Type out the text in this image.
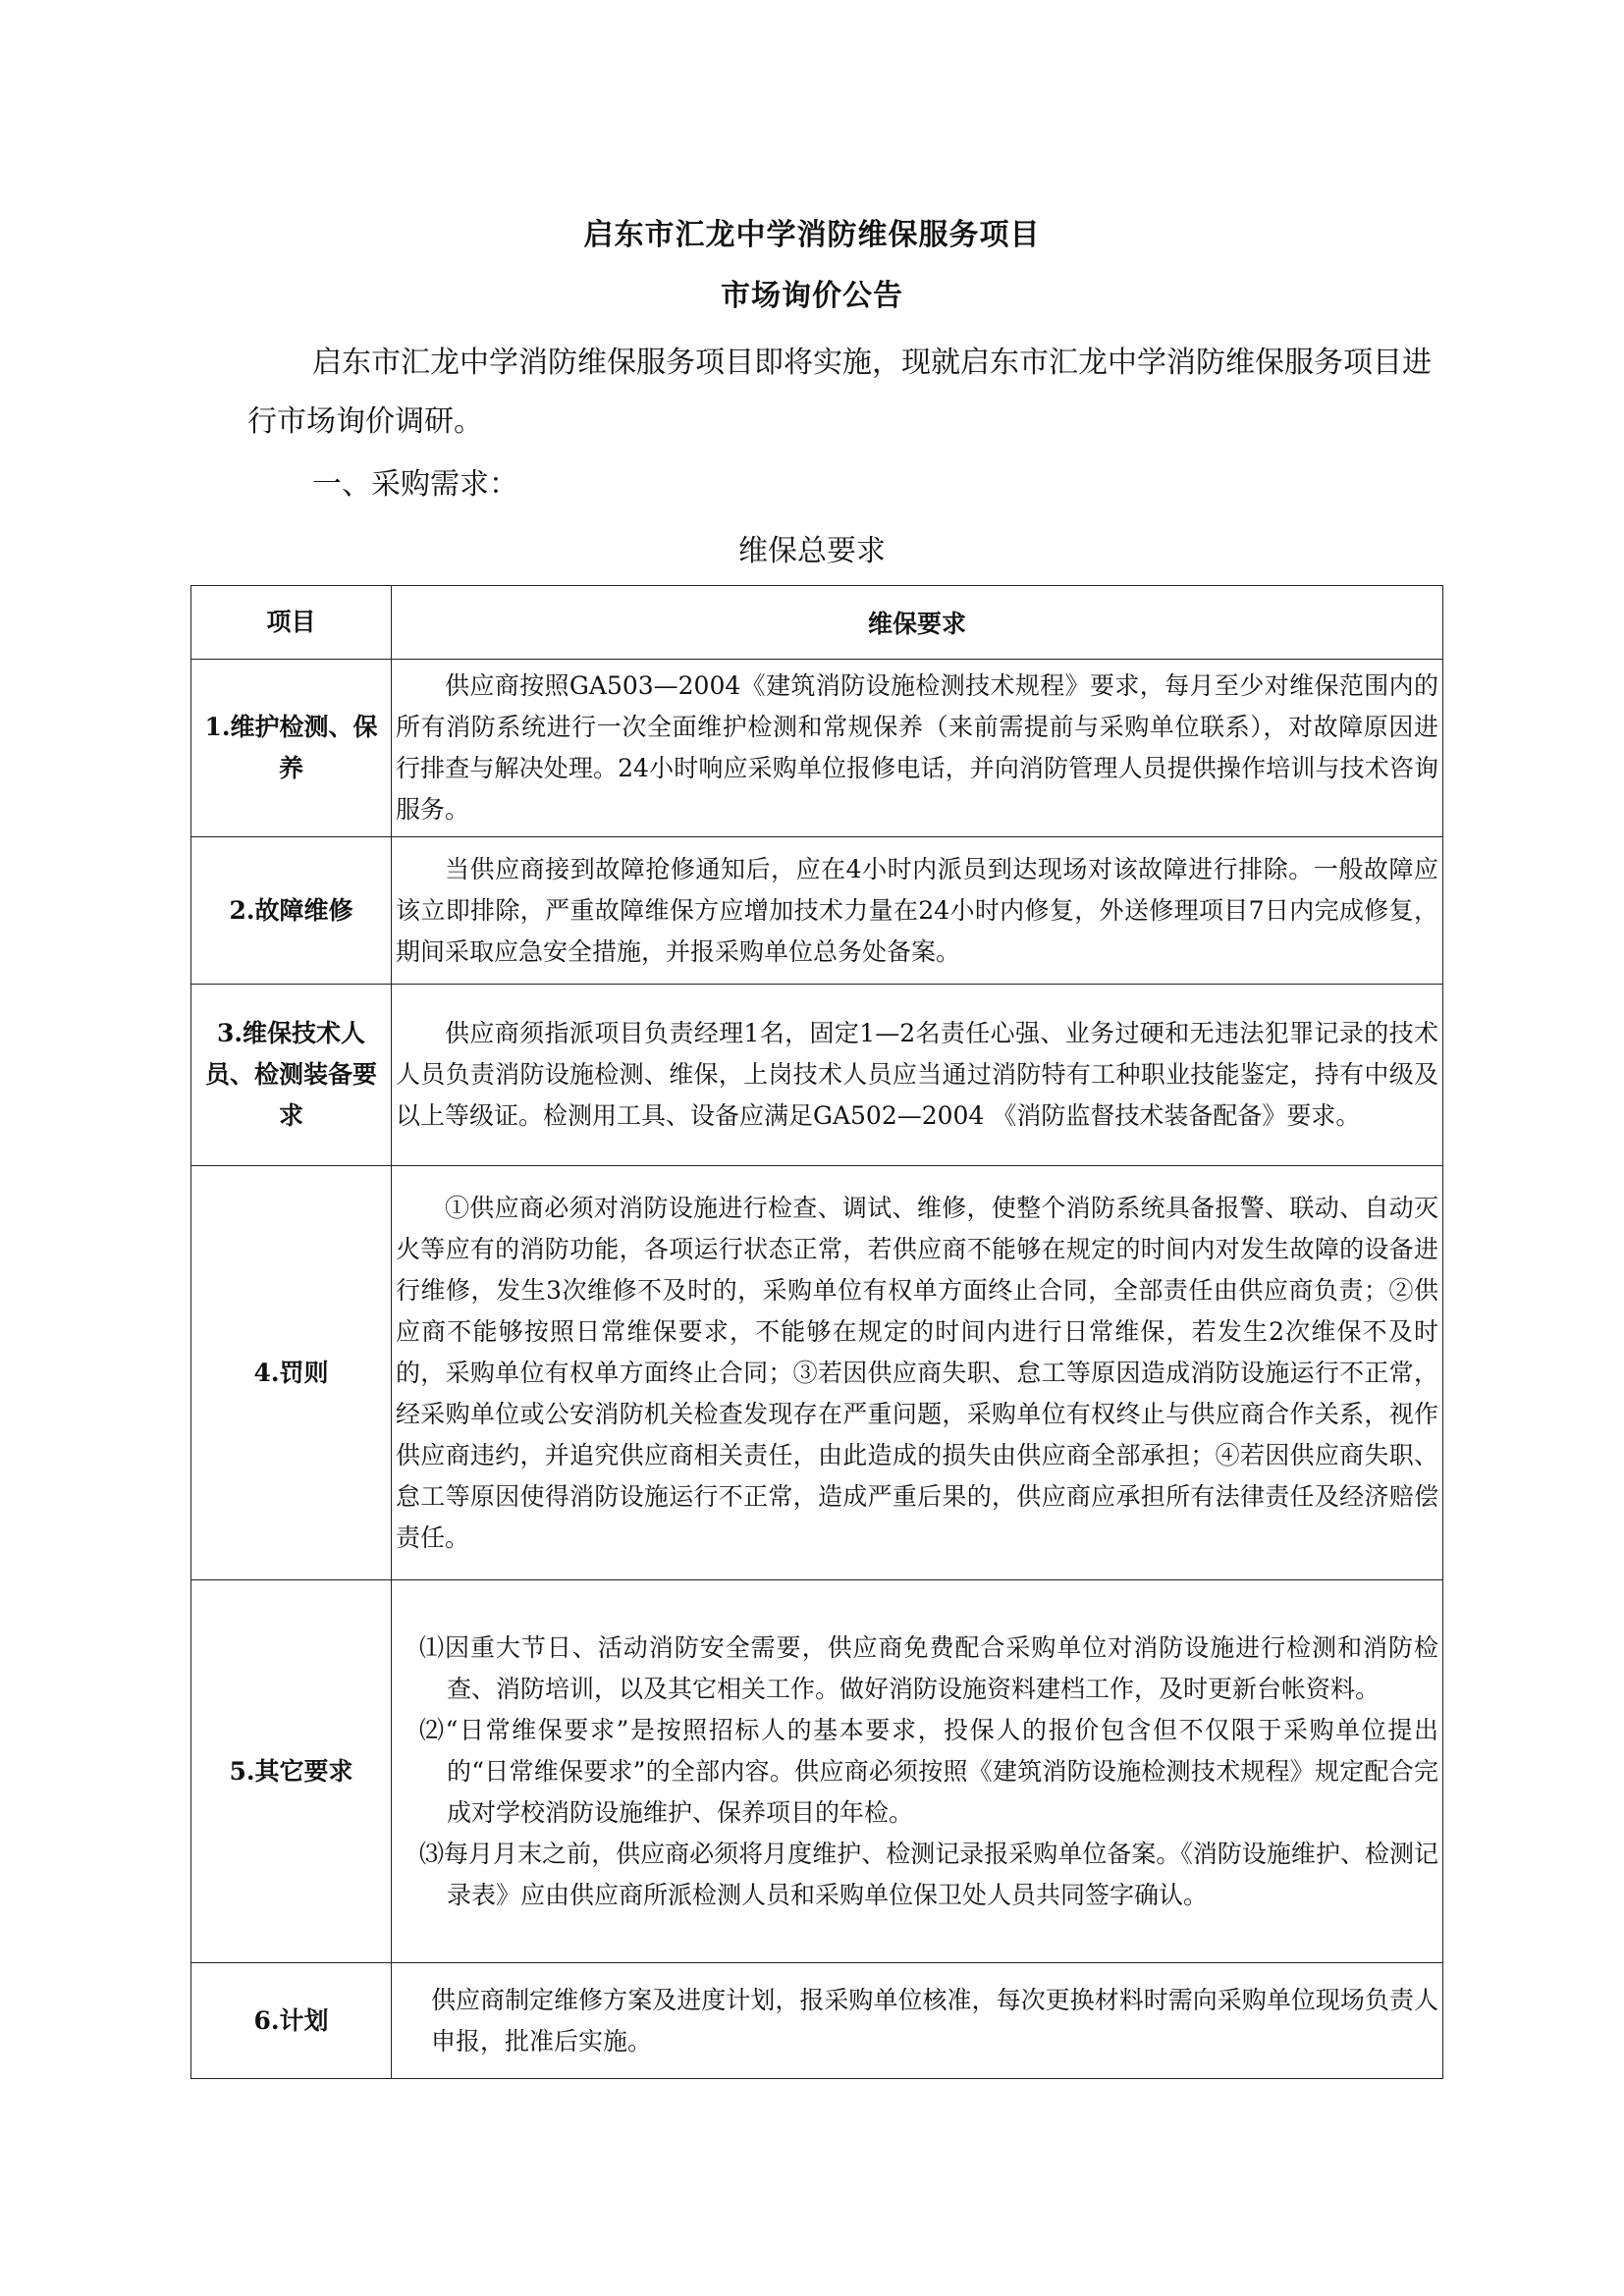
启东市汇龙中学消防维保服务项目
市场询价公告
启东市汇龙中学消防维保服务项目即将实施，现就启东市汇龙中学消防维保服务项目进行市场询价调研。
一、采购需求：
维保总要求
项目	维保要求
1.维护检测、保养	供应商按照GA503—2004《建筑消防设施检测技术规程》要求，每月至少对维保范围内的所有消防系统进行一次全面维护检测和常规保养（来前需提前与采购单位联系），对故障原因进行排查与解决处理。24小时响应采购单位报修电话，并向消防管理人员提供操作培训与技术咨询服务。

2.故障维修	当供应商接到故障抢修通知后，应在4小时内派员到达现场对该故障进行排除。一般故障应该立即排除，严重故障维保方应增加技术力量在24小时内修复，外送修理项目7日内完成修复，期间采取应急安全措施，并报采购单位总务处备案。

3.维保技术人员、检测装备要求	供应商须指派项目负责经理1名，固定1—2名责任心强、业务过硬和无违法犯罪记录的技术人员负责消防设施检测、维保，上岗技术人员应当通过消防特有工种职业技能鉴定，持有中级及以上等级证。检测用工具、设备应满足GA502—2004 《消防监督技术装备配备》要求。

4.罚则	①供应商必须对消防设施进行检查、调试、维修，使整个消防系统具备报警、联动、自动灭火等应有的消防功能，各项运行状态正常，若供应商不能够在规定的时间内对发生故障的设备进行维修，发生3次维修不及时的，采购单位有权单方面终止合同，全部责任由供应商负责；②供应商不能够按照日常维保要求，不能够在规定的时间内进行日常维保，若发生2次维保不及时的，采购单位有权单方面终止合同；③若因供应商失职、怠工等原因造成消防设施运行不正常，经采购单位或公安消防机关检查发现存在严重问题，采购单位有权终止与供应商合作关系，视作供应商违约，并追究供应商相关责任，由此造成的损失由供应商全部承担；④若因供应商失职、怠工等原因使得消防设施运行不正常，造成严重后果的，供应商应承担所有法律责任及经济赔偿责任。

5.其它要求	⑴因重大节日、活动消防安全需要，供应商免费配合采购单位对消防设施进行检测和消防检查、消防培训，以及其它相关工作。做好消防设施资料建档工作，及时更新台帐资料。
⑵“日常维保要求”是按照招标人的基本要求，投保人的报价包含但不仅限于采购单位提出的“日常维保要求”的全部内容。供应商必须按照《建筑消防设施检测技术规程》规定配合完成对学校消防设施维护、保养项目的年检。
⑶每月月末之前，供应商必须将月度维护、检测记录报采购单位备案。《消防设施维护、检测记录表》应由供应商所派检测人员和采购单位保卫处人员共同签字确认。

6.计划	供应商制定维修方案及进度计划，报采购单位核准，每次更换材料时需向采购单位现场负责人申报，批准后实施。
